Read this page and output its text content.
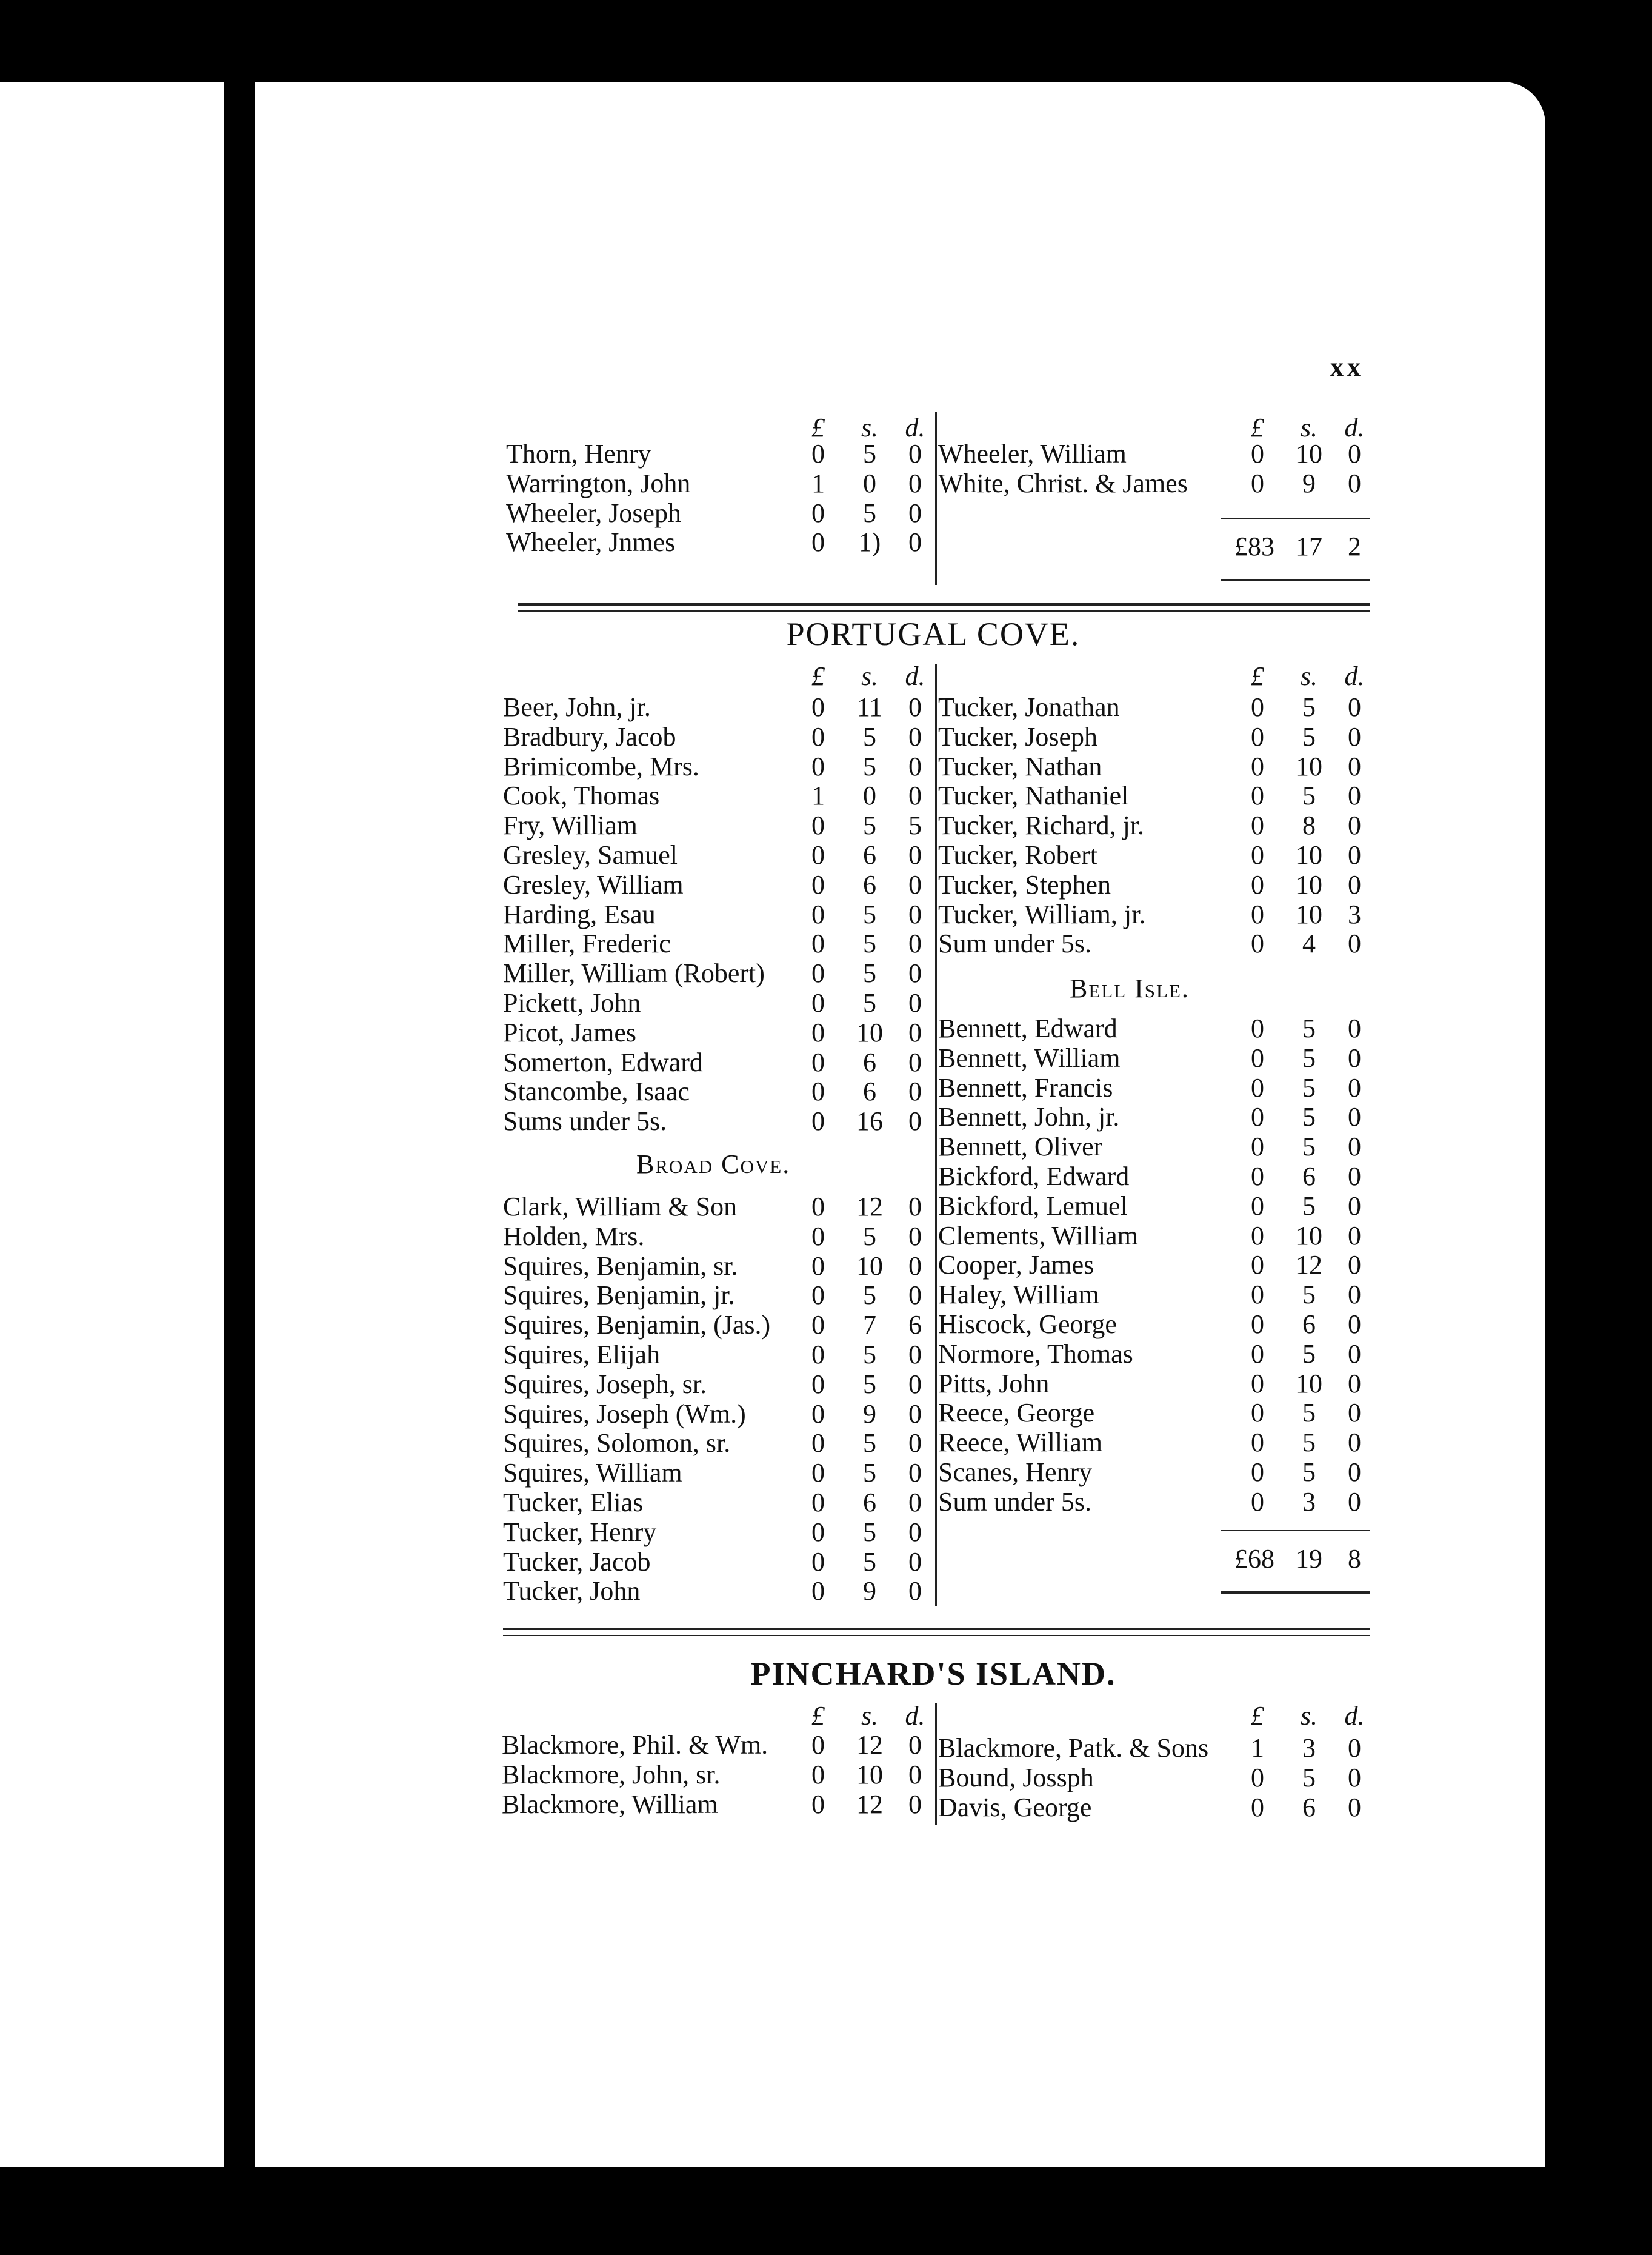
xx
£	s.	d.	£	s.	d.
Thorn, Henry	0	5	0
Warrington, John	1	0	0
Wheeler, Joseph	0	5	0
Wheeler, Jnmes	0	1)	0
Wheeler, William	0	10 0
White, Christ. & James	0	9	0
£83 17 2
PORTUGAL COVE.
£	s.	d.	£	s.	d.
Beer, John, jr.	0	11 0
Bradbury, Jacob	0	5	0
Brimicombe, Mrs.	0	5	0
Cook, Thomas	1	0	0
Fry, William	0	5	5
Gresley, Samuel	0	6	0
Gresley, William	0	6	0
Harding, Esau	0	5	0
Miller, Frederic	0	5	0
Miller, William (Robert)	0	5	0
Pickett, John	0	5	0
Picot, James	0	10 0
Somerton, Edward	0	6	0
Stancombe, Isaac	0	6	0
Sums under 5s.	0	16 0
Tucker, Jonathan	0	5	0
Tucker, Joseph	0	5	0
Tucker, Nathan	0	10 0
Tucker, Nathaniel	0	5	0
Tucker, Richard, jr.	0	8	0
Tucker, Robert	0	10 0
Tucker, Stephen	0	10 0
Tucker, William, jr.	0	10 3
Sum under 5s.	0	4	0
Bell Isle.
Bennett, Edward	0	5	0
Bennett, William	0	5	0
Bennett, Francis	0	5	0
Bennett, John, jr.	0	5	0
Bennett, Oliver	0	5	0
Bickford, Edward	0	6	0
Bickford, Lemuel	0	5	0
Clements, William	0	10 0
Cooper, James	0	12 0
Haley, William	0	5	0
Hiscock, George	0	6	0
Normore, Thomas	0	5	0
Pitts, John	0	10 0
Reece, George	0	5	0
Reece, William	0	5	0
Scanes, Henry	0	5	0
Sum under 5s.	0	3	0
£68 19 8
Broad Cove.
Clark, William & Son	0	12 0
Holden, Mrs.	0	5	0
Squires, Benjamin, sr.	0	10 0
Squires, Benjamin, jr.	0	5	0
Squires, Benjamin, (Jas.)	0	7	6
Squires, Elijah	0	5	0
Squires, Joseph, sr.	0	5	0
Squires, Joseph (Wm.)	0	9	0
Squires, Solomon, sr.	0	5	0
Squires, William	0	5	0
Tucker, Elias	0	6	0
Tucker, Henry	0	5	0
Tucker, Jacob	0	5	0
Tucker, John	0	9	0
PINCHARD'S ISLAND.
£	s.	d.	£	s.	d.
Blackmore, Phil. & Wm.	0	12 0
Blackmore, John, sr.	0	10 0
Blackmore, William	0	12 0
Blackmore, Patk. & Sons	1	3	0
Bound, Jossph	0	5	0
Davis, George	0	6	0
